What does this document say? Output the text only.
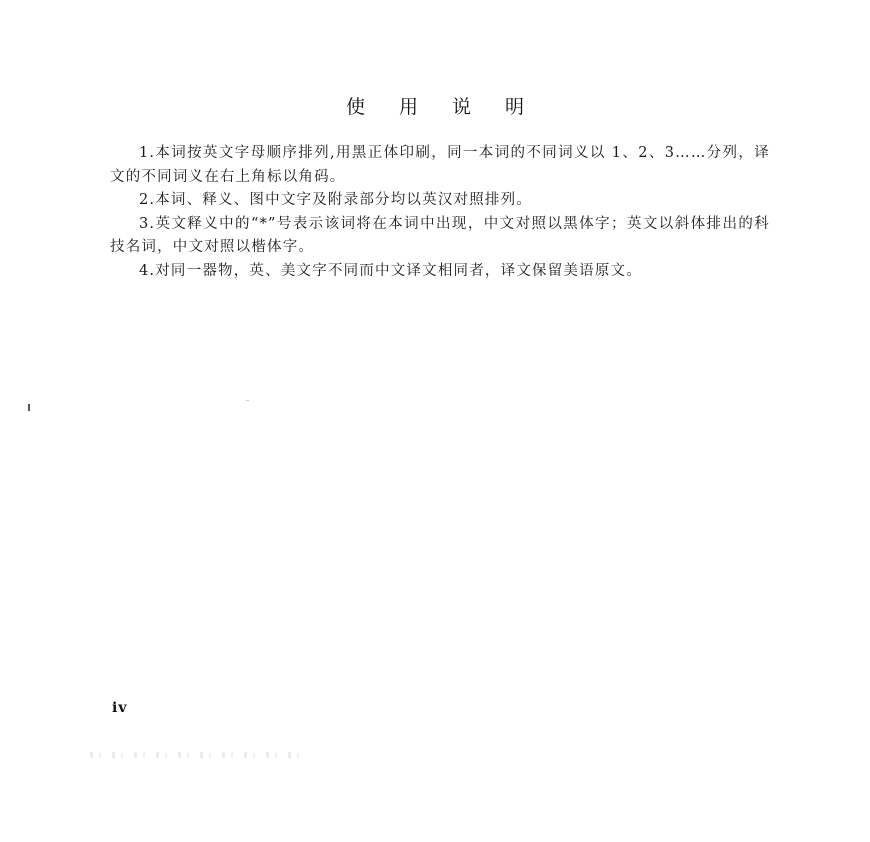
使 用 说 明

1.本词按英文字母顺序排列,用黑正体印刷，同一本词的不同词义以 1、2、3……分列，译文的不同词义在右上角标以角码。

2.本词、释义、图中文字及附录部分均以英汉对照排列。

3.英文释义中的“*”号表示该词将在本词中出现，中文对照以黑体字；英文以斜体排出的科技名词，中文对照以楷体字。

4.对同一器物，英、美文字不同而中文译文相同者，译文保留美语原文。

iv
